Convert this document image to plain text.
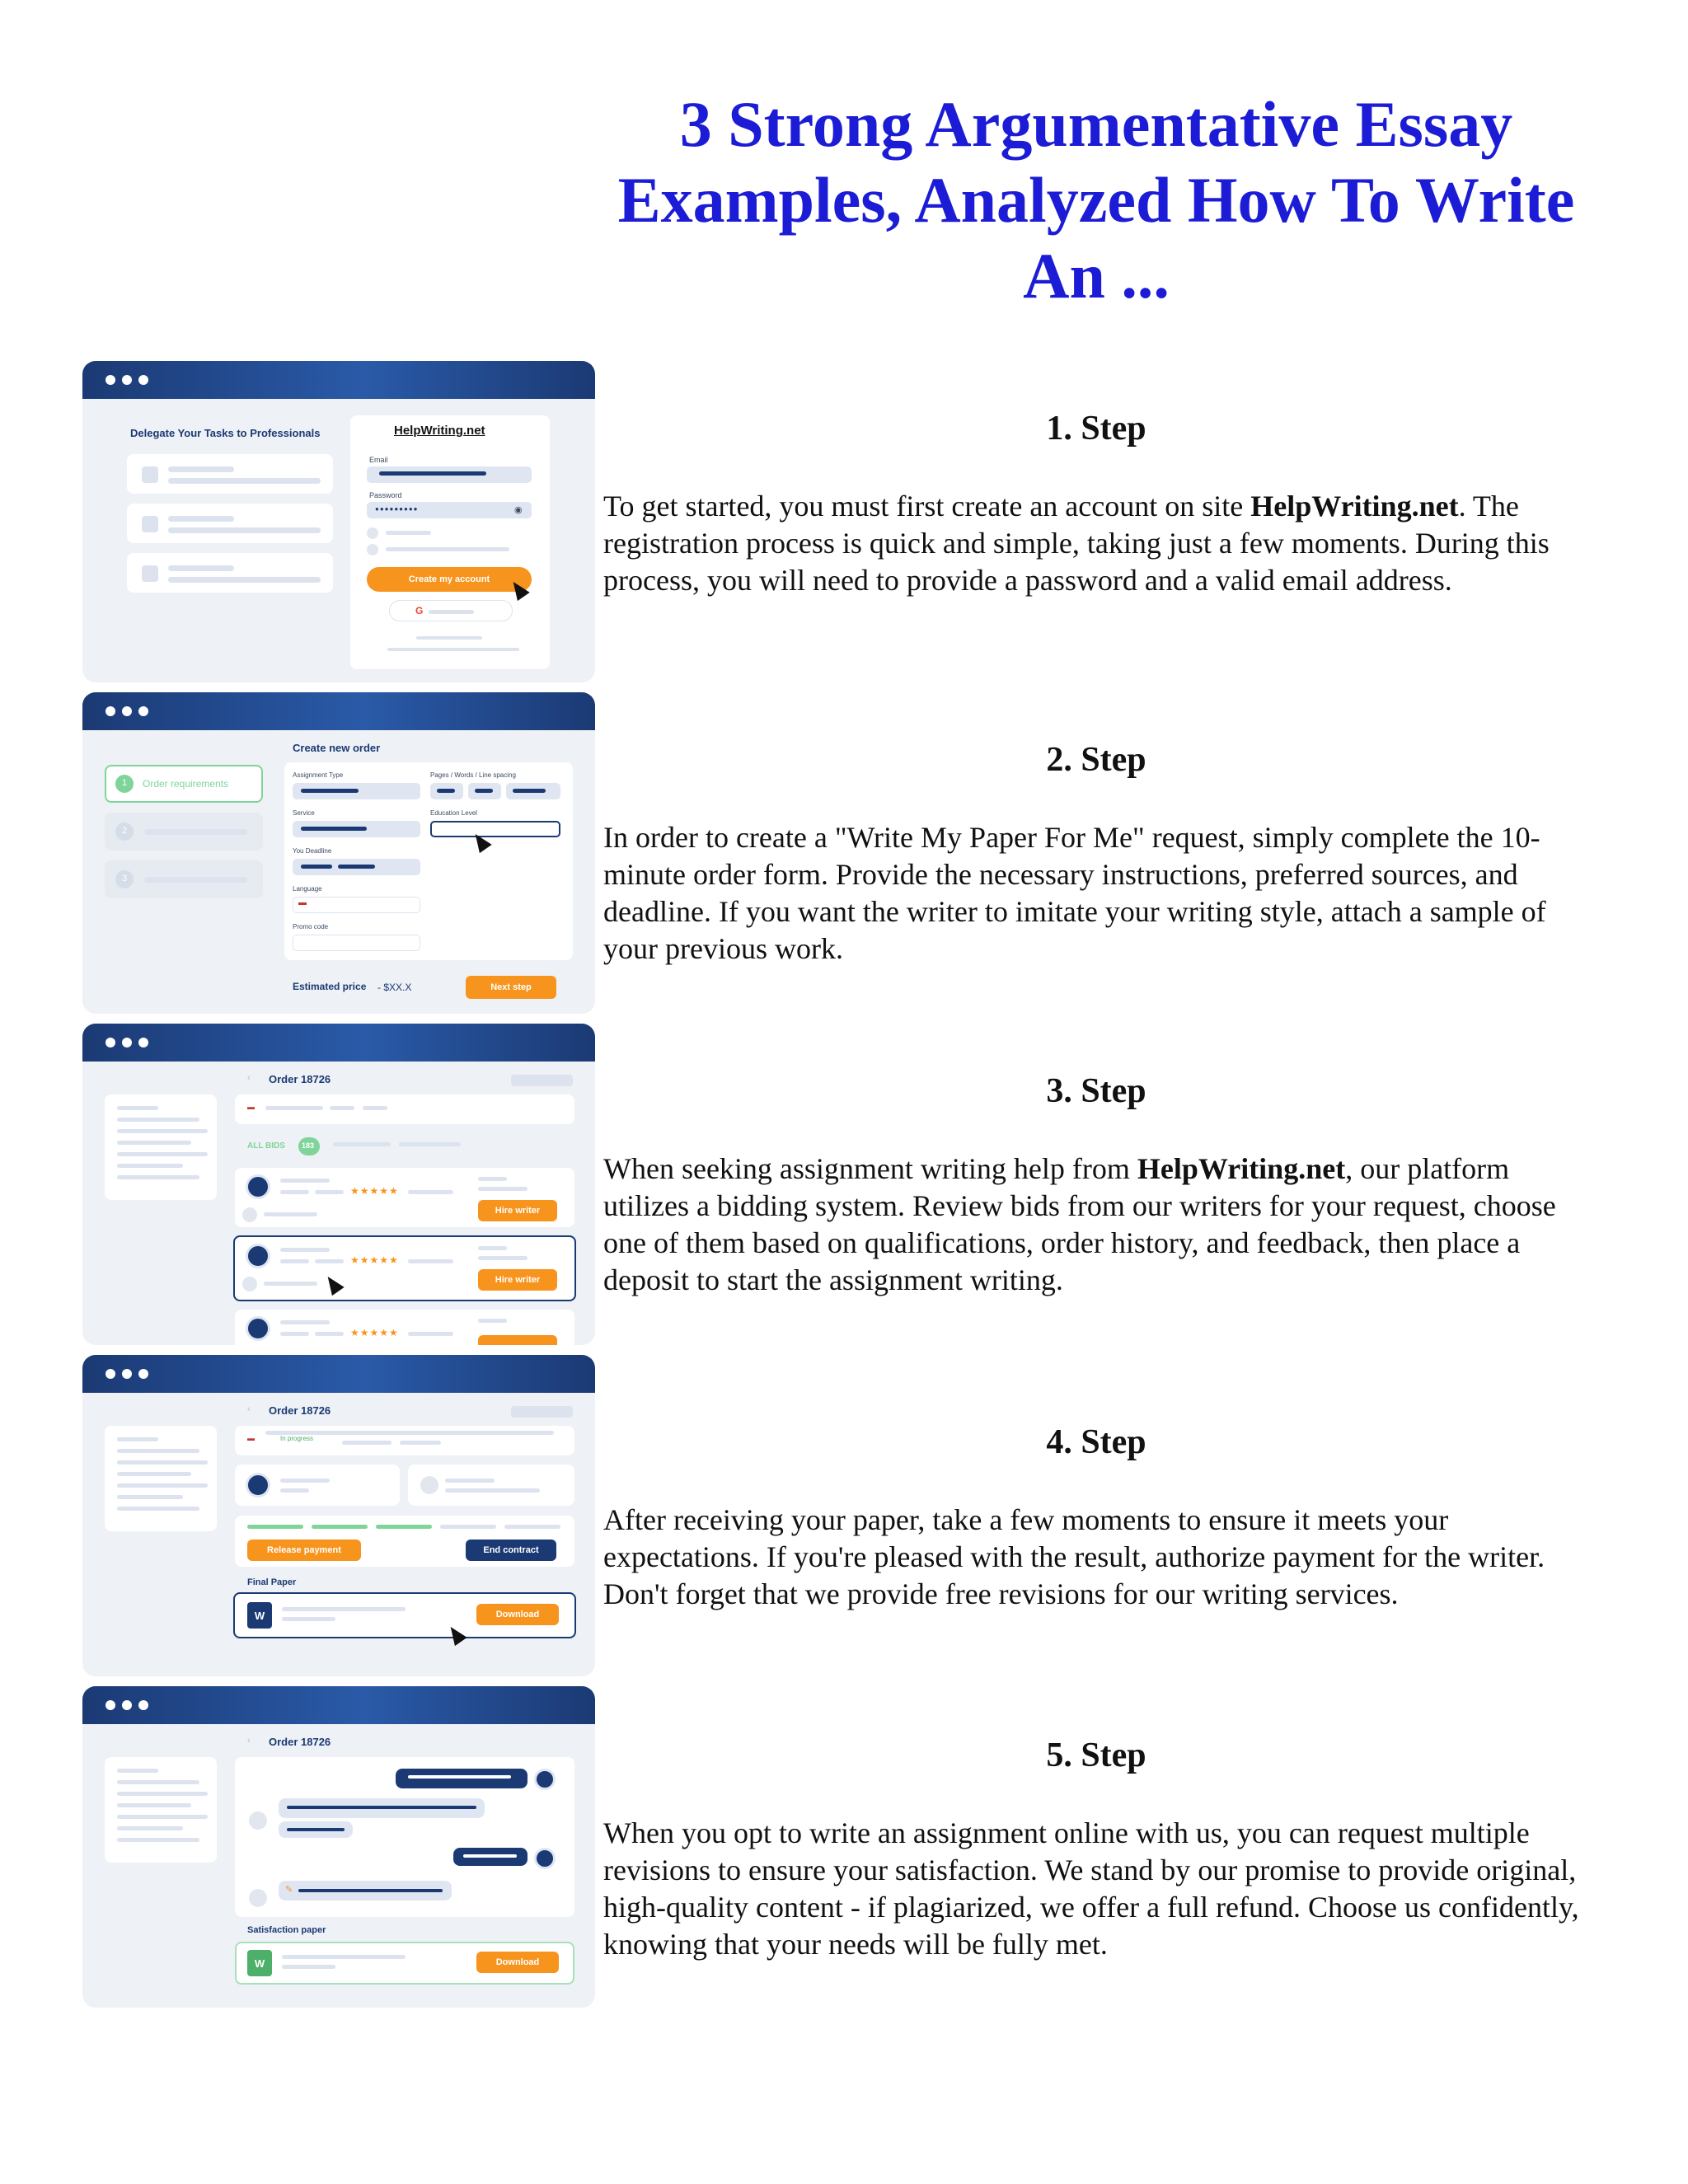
3 Strong Argumentative Essay Examples, Analyzed How To Write An ...
Delegate Your Tasks to Professionals	HelpWriting.net
Email
Password
●●●●●●●●●	◉
Create my account
G
1 Order requirements
2
3
Create new order
Assignment Type	Pages / Words / Line spacing
Service	Education Level
You Deadline
Language
▬
Promo code
Estimated price - $XX.X	Next step
‹ Order 18726
▬
ALL BIDS 183
★★★★★
Hire writer
★★★★★
Hire writer
★★★★★
‹ Order 18726
▬	In progress
Release payment	End contract
Final Paper
W	Download
‹ Order 18726
✎
Satisfaction paper
W	Download
1. Step

To get started, you must first create an account on site HelpWriting.net. The registration process is quick and simple, taking just a few moments. During this process, you will need to provide a password and a valid email address.

2. Step

In order to create a "Write My Paper For Me" request, simply complete the 10-minute order form. Provide the necessary instructions, preferred sources, and deadline. If you want the writer to imitate your writing style, attach a sample of your previous work.

3. Step

When seeking assignment writing help from HelpWriting.net, our platform utilizes a bidding system. Review bids from our writers for your request, choose one of them based on qualifications, order history, and feedback, then place a deposit to start the assignment writing.

4. Step

After receiving your paper, take a few moments to ensure it meets your expectations. If you're pleased with the result, authorize payment for the writer. Don't forget that we provide free revisions for our writing services.

5. Step

When you opt to write an assignment online with us, you can request multiple revisions to ensure your satisfaction. We stand by our promise to provide original, high-quality content - if plagiarized, we offer a full refund. Choose us confidently, knowing that your needs will be fully met.
